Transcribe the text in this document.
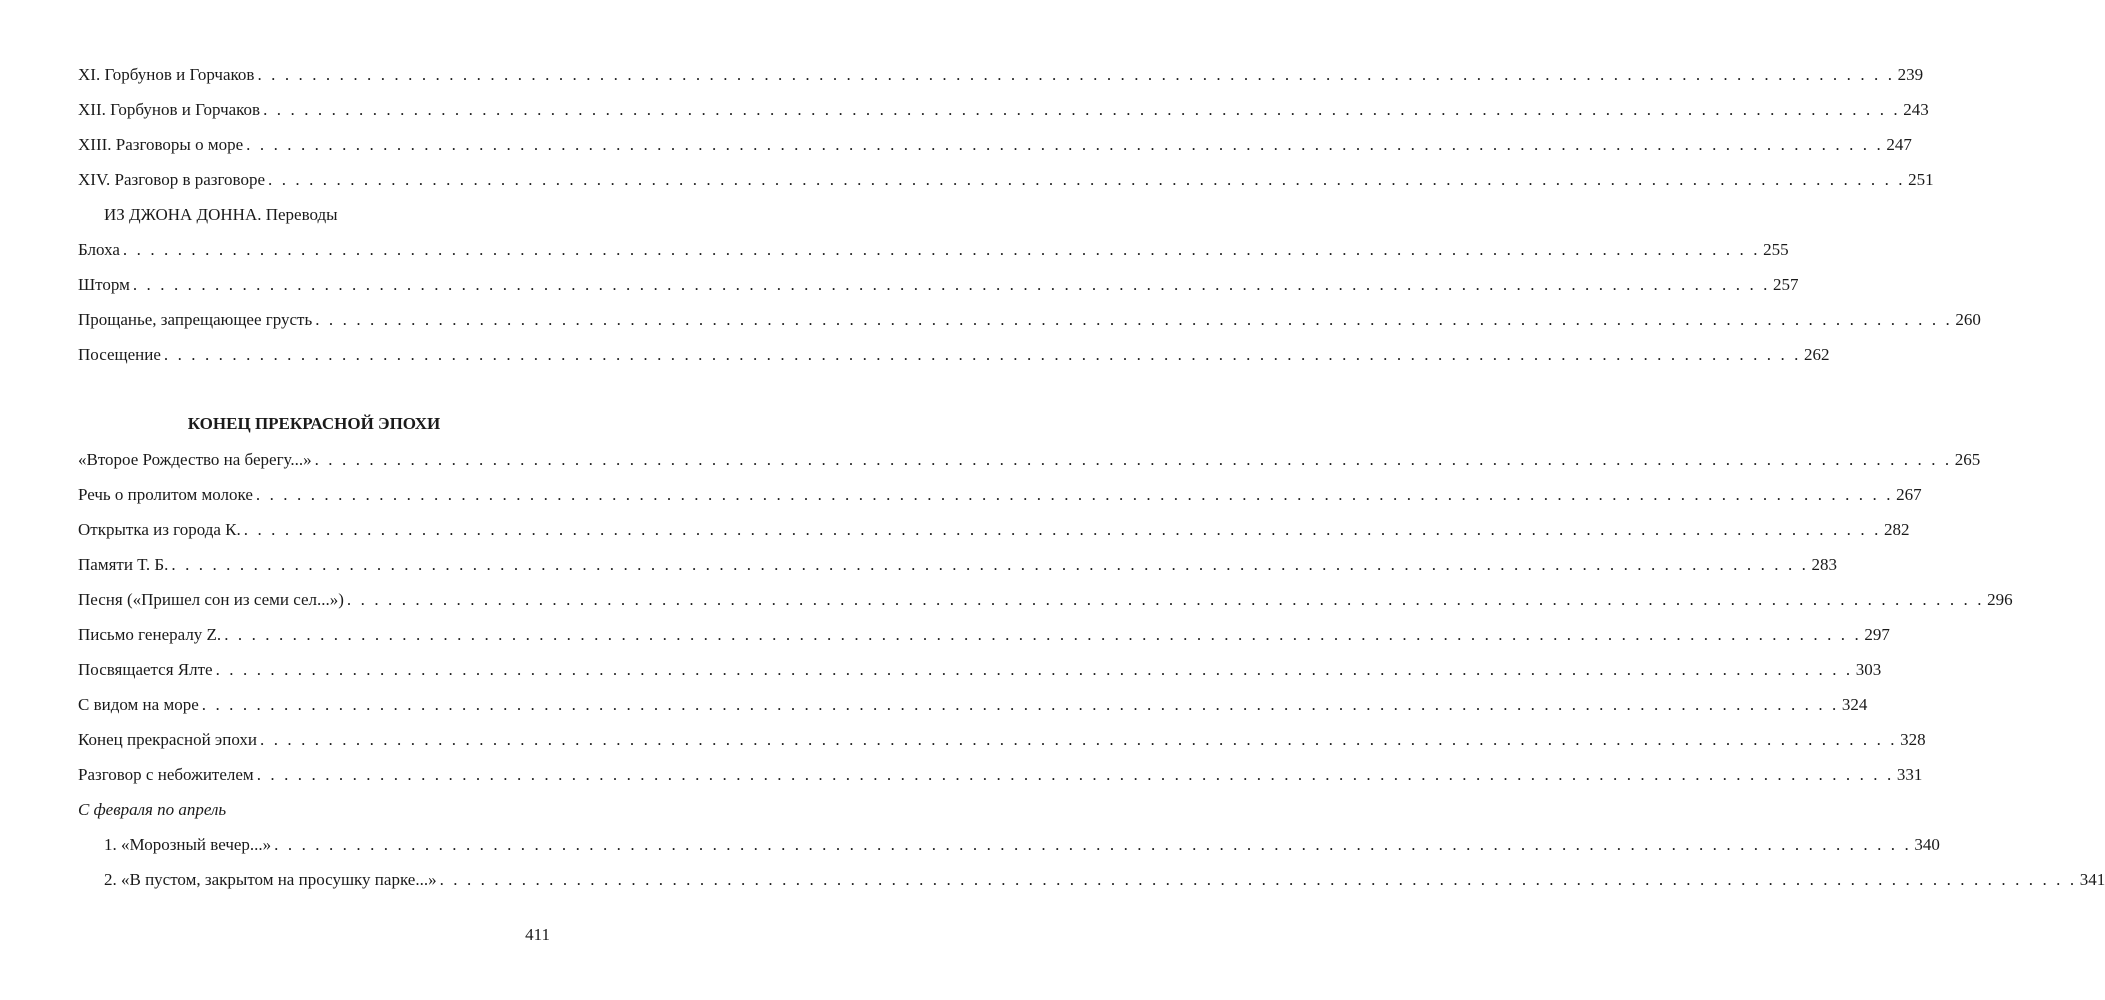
XI. Горбунов и Горчаков . . . . . . . . . . . . . . . . . . . . . . . . . . . . . . . . . . . . . . . . . . . . . . . . . . . . . . . . . . . . . . . . . . . . . . . . . . . . . . . . . . . . . . . . . . . . . . . . . . . . . . . . . . . . . . . . . . . . . . . . 239
XII. Горбунов и Горчаков . . . . . . . . . . . . . . . . . . . . . . . . . . . . . . . . . . . . . . . . . . . . . . . . . . . . . . . . . . . . . . . . . . . . . . . . . . . . . . . . . . . . . . . . . . . . . . . . . . . . . . . . . . . . . . . . . . . . . . . . 243
XIII. Разговоры о море . . . . . . . . . . . . . . . . . . . . . . . . . . . . . . . . . . . . . . . . . . . . . . . . . . . . . . . . . . . . . . . . . . . . . . . . . . . . . . . . . . . . . . . . . . . . . . . . . . . . . . . . . . . . . . . . . . . . . . . . 247
XIV. Разговор в разговоре . . . . . . . . . . . . . . . . . . . . . . . . . . . . . . . . . . . . . . . . . . . . . . . . . . . . . . . . . . . . . . . . . . . . . . . . . . . . . . . . . . . . . . . . . . . . . . . . . . . . . . . . . . . . . . . . . . . . . . . . 251
ИЗ ДЖОНА ДОННА. Переводы
Блоха . . . . . . . . . . . . . . . . . . . . . . . . . . . . . . . . . . . . . . . . . . . . . . . . . . . . . . . . . . . . . . . . . . . . . . . . . . . . . . . . . . . . . . . . . . . . . . . . . . . . . . . . . . . . . . . . . . . . . . . . 255
Шторм . . . . . . . . . . . . . . . . . . . . . . . . . . . . . . . . . . . . . . . . . . . . . . . . . . . . . . . . . . . . . . . . . . . . . . . . . . . . . . . . . . . . . . . . . . . . . . . . . . . . . . . . . . . . . . . . . . . . . . . . 257
Прощанье, запрещающее грусть . . . . . . . . . . . . . . . . . . . . . . . . . . . . . . . . . . . . . . . . . . . . . . . . . . . . . . . . . . . . . . . . . . . . . . . . . . . . . . . . . . . . . . . . . . . . . . . . . . . . . . . . . . . . . . . . . . . . . . . . 260
Посещение . . . . . . . . . . . . . . . . . . . . . . . . . . . . . . . . . . . . . . . . . . . . . . . . . . . . . . . . . . . . . . . . . . . . . . . . . . . . . . . . . . . . . . . . . . . . . . . . . . . . . . . . . . . . . . . . . . . . . . . . 262
КОНЕЦ ПРЕКРАСНОЙ ЭПОХИ
«Второе Рождество на берегу...» . . . . . . . . . . . . . . . . . . . . . . . . . . . . . . . . . . . . . . . . . . . . . . . . . . . . . . . . . . . . . . . . . . . . . . . . . . . . . . . . . . . . . . . . . . . . . . . . . . . . . . . . . . . . . . . . . . . . . . . . 265
Речь о пролитом молоке . . . . . . . . . . . . . . . . . . . . . . . . . . . . . . . . . . . . . . . . . . . . . . . . . . . . . . . . . . . . . . . . . . . . . . . . . . . . . . . . . . . . . . . . . . . . . . . . . . . . . . . . . . . . . . . . . . . . . . . . 267
Открытка из города К. . . . . . . . . . . . . . . . . . . . . . . . . . . . . . . . . . . . . . . . . . . . . . . . . . . . . . . . . . . . . . . . . . . . . . . . . . . . . . . . . . . . . . . . . . . . . . . . . . . . . . . . . . . . . . . . . . . . . . . . . 282
Памяти Т. Б. . . . . . . . . . . . . . . . . . . . . . . . . . . . . . . . . . . . . . . . . . . . . . . . . . . . . . . . . . . . . . . . . . . . . . . . . . . . . . . . . . . . . . . . . . . . . . . . . . . . . . . . . . . . . . . . . . . . . . . . . 283
Песня («Пришел сон из семи сел...») . . . . . . . . . . . . . . . . . . . . . . . . . . . . . . . . . . . . . . . . . . . . . . . . . . . . . . . . . . . . . . . . . . . . . . . . . . . . . . . . . . . . . . . . . . . . . . . . . . . . . . . . . . . . . . . . . . . . . . . . 296
Письмо генералу Z. . . . . . . . . . . . . . . . . . . . . . . . . . . . . . . . . . . . . . . . . . . . . . . . . . . . . . . . . . . . . . . . . . . . . . . . . . . . . . . . . . . . . . . . . . . . . . . . . . . . . . . . . . . . . . . . . . . . . . . . . 297
Посвящается Ялте . . . . . . . . . . . . . . . . . . . . . . . . . . . . . . . . . . . . . . . . . . . . . . . . . . . . . . . . . . . . . . . . . . . . . . . . . . . . . . . . . . . . . . . . . . . . . . . . . . . . . . . . . . . . . . . . . . . . . . . . 303
С видом на море . . . . . . . . . . . . . . . . . . . . . . . . . . . . . . . . . . . . . . . . . . . . . . . . . . . . . . . . . . . . . . . . . . . . . . . . . . . . . . . . . . . . . . . . . . . . . . . . . . . . . . . . . . . . . . . . . . . . . . . . 324
Конец прекрасной эпохи . . . . . . . . . . . . . . . . . . . . . . . . . . . . . . . . . . . . . . . . . . . . . . . . . . . . . . . . . . . . . . . . . . . . . . . . . . . . . . . . . . . . . . . . . . . . . . . . . . . . . . . . . . . . . . . . . . . . . . . . 328
Разговор с небожителем . . . . . . . . . . . . . . . . . . . . . . . . . . . . . . . . . . . . . . . . . . . . . . . . . . . . . . . . . . . . . . . . . . . . . . . . . . . . . . . . . . . . . . . . . . . . . . . . . . . . . . . . . . . . . . . . . . . . . . . . 331
С февраля по апрель
1. «Морозный вечер...» . . . . . . . . . . . . . . . . . . . . . . . . . . . . . . . . . . . . . . . . . . . . . . . . . . . . . . . . . . . . . . . . . . . . . . . . . . . . . . . . . . . . . . . . . . . . . . . . . . . . . . . . . . . . . . . . . . . . . . . . 340
2. «В пустом, закрытом на просушку парке...» . . . . . . . . . . . . . . . . . . . . . . . . . . . . . . . . . . . . . . . . . . . . . . . . . . . . . . . . . . . . . . . . . . . . . . . . . . . . . . . . . . . . . . . . . . . . . . . . . . . . . . . . . . . . . . . . . . . . . . . . 341
411
